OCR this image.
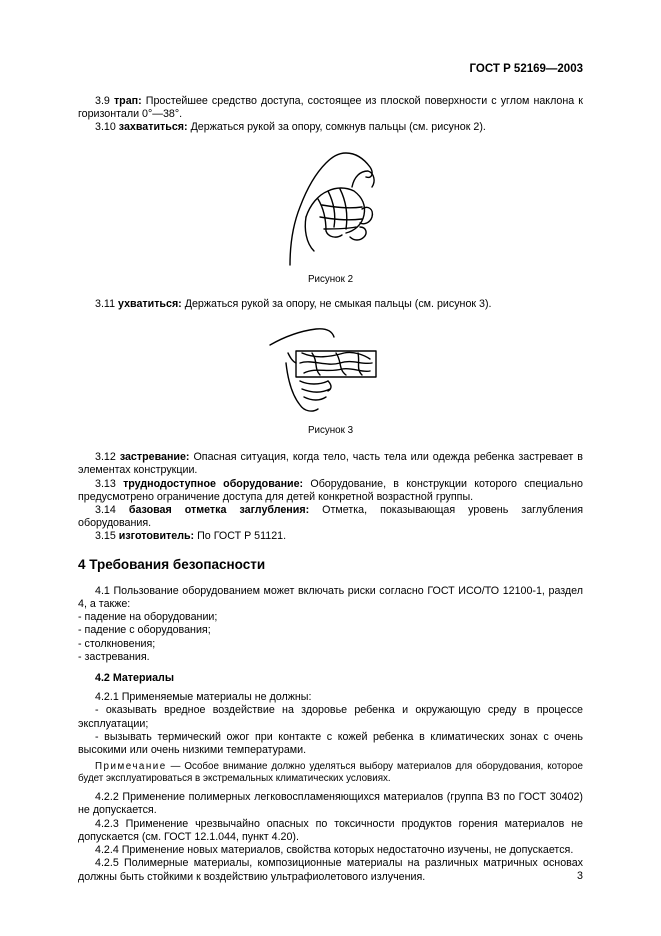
ГОСТ Р 52169—2003

3.9 трап: Простейшее средство доступа, состоящее из плоской поверхности с углом наклона к горизонтали 0°—38°.

3.10 захватиться: Держаться рукой за опору, сомкнув пальцы (см. рисунок 2).

Рисунок 2

3.11 ухватиться: Держаться рукой за опору, не смыкая пальцы (см. рисунок 3).

Рисунок 3

3.12 застревание: Опасная ситуация, когда тело, часть тела или одежда ребенка застревает в элементах конструкции.

3.13 труднодоступное оборудование: Оборудование, в конструкции которого специально предусмотрено ограничение доступа для детей конкретной возрастной группы.

3.14 базовая отметка заглубления: Отметка, показывающая уровень заглубления оборудования.

3.15 изготовитель: По ГОСТ Р 51121.

4 Требования безопасности

4.1 Пользование оборудованием может включать риски согласно ГОСТ ИСО/ТО 12100-1, раздел 4, а также:

- падение на оборудовании;
- падение с оборудования;
- столкновения;
- застревания.
4.2 Материалы

4.2.1 Применяемые материалы не должны:

- оказывать вредное воздействие на здоровье ребенка и окружающую среду в процессе эксплуатации;

- вызывать термический ожог при контакте с кожей ребенка в климатических зонах с очень высокими или очень низкими температурами.

Примечание — Особое внимание должно уделяться выбору материалов для оборудования, которое будет эксплуатироваться в экстремальных климатических условиях.

4.2.2 Применение полимерных легковоспламеняющихся материалов (группа В3 по ГОСТ 30402) не допускается.

4.2.3 Применение чрезвычайно опасных по токсичности продуктов горения материалов не допускается (см. ГОСТ 12.1.044, пункт 4.20).

4.2.4 Применение новых материалов, свойства которых недостаточно изучены, не допускается.

4.2.5 Полимерные материалы, композиционные материалы на различных матричных основах должны быть стойкими к воздействию ультрафиолетового излучения.	3
